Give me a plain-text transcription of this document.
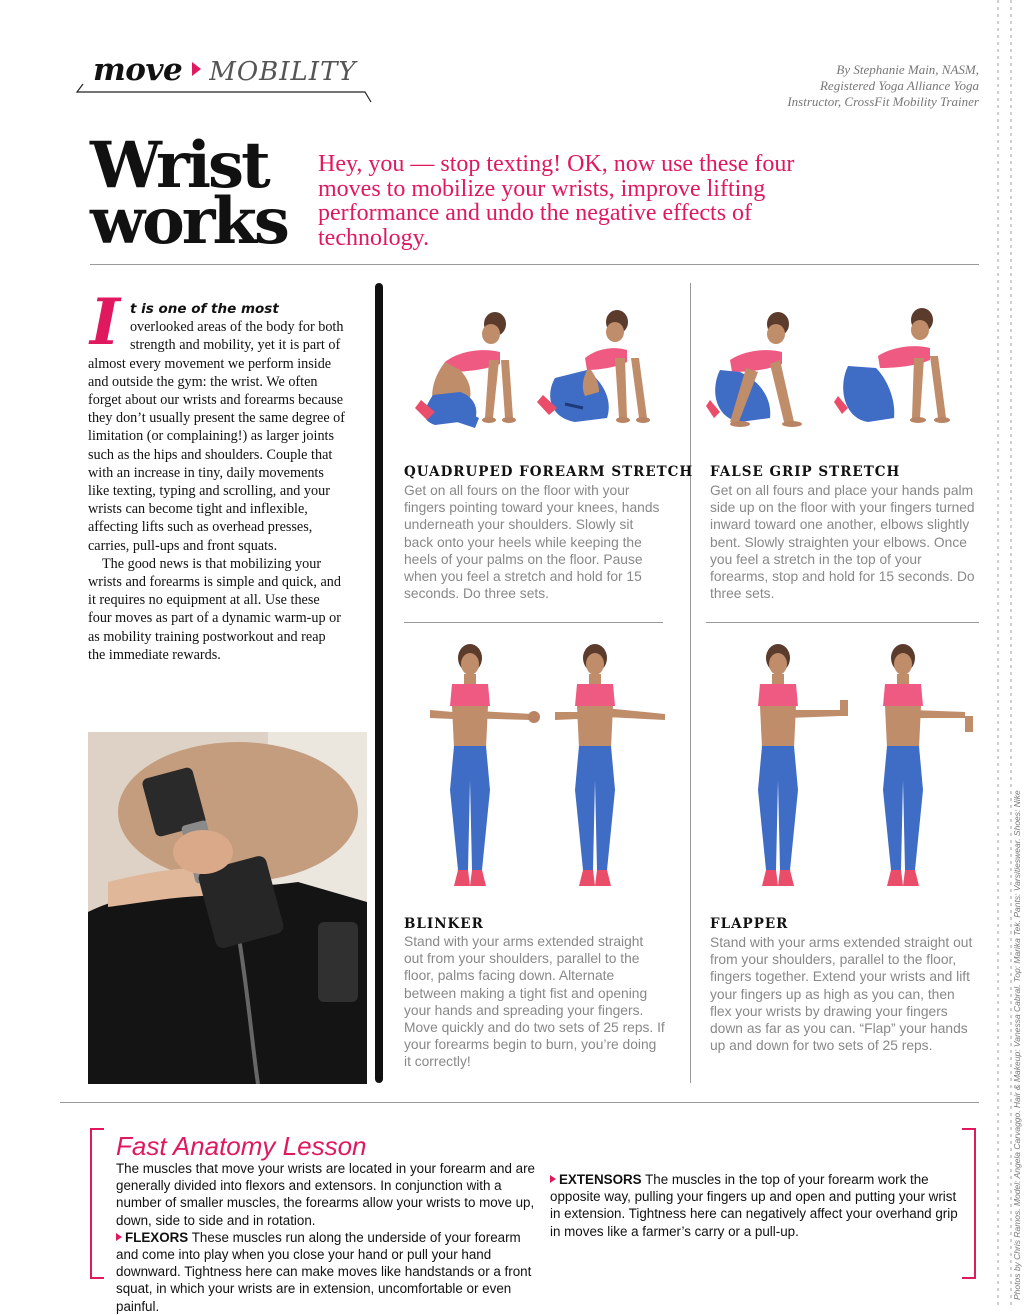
move MOBILITY	By Stephanie Main, NASM,
Registered Yoga Alliance Yoga
Instructor, CrossFit Mobility Trainer
Wrist
works
Hey, you — stop texting! OK, now use these four moves to mobilize your wrists, improve lifting performance and undo the negative effects of technology.

It is one of the most overlooked areas of the body for both strength and mobility, yet it is part of almost every movement we perform inside and outside the gym: the wrist. We often forget about our wrists and forearms because they don’t usually present the same degree of limitation (or complaining!) as larger joints such as the hips and shoulders. Couple that with an increase in tiny, daily movements like texting, typing and scrolling, and your wrists can become tight and inflexible, affecting lifts such as overhead presses, carries, pull-ups and front squats.

The good news is that mobilizing your wrists and forearms is simple and quick, and it requires no equipment at all. Use these four moves as part of a dynamic warm-up or as mobility training postworkout and reap the immediate rewards.

QUADRUPED FOREARM STRETCH
Get on all fours on the floor with your fingers pointing toward your knees, hands underneath your shoulders. Slowly sit back onto your heels while keeping the heels of your palms on the floor. Pause when you feel a stretch and hold for 15 seconds. Do three sets.
FALSE GRIP STRETCH
Get on all fours and place your hands palm side up on the floor with your fingers turned inward toward one another, elbows slightly bent. Slowly straighten your elbows. Once you feel a stretch in the top of your forearms, stop and hold for 15 seconds. Do three sets.
BLINKER
Stand with your arms extended straight out from your shoulders, parallel to the floor, palms facing down. Alternate between making a tight fist and opening your hands and spreading your fingers. Move quickly and do two sets of 25 reps. If your forearms begin to burn, you’re doing it correctly!
FLAPPER
Stand with your arms extended straight out from your shoulders, parallel to the floor, fingers together. Extend your wrists and lift your fingers up as high as you can, then flex your wrists by drawing your fingers down as far as you can. “Flap” your hands up and down for two sets of 25 reps.
Fast Anatomy Lesson
The muscles that move your wrists are located in your forearm and are generally divided into flexors and extensors. In conjunction with a number of smaller muscles, the forearms allow your wrists to move up, down, side to side and in rotation.
FLEXORS These muscles run along the underside of your forearm and come into play when you close your hand or pull your hand downward. Tightness here can make moves like handstands or a front squat, in which your wrists are in extension, uncomfortable or even painful.
EXTENSORS The muscles in the top of your forearm work the opposite way, pulling your fingers up and open and putting your wrist in extension. Tightness here can negatively affect your overhand grip in moves like a farmer’s carry or a pull-up.	Photos by Chris Ramos. Model: Angela Carvaggo. Hair & Makeup: Vanessa Cabral. Top: Marika Tek. Pants: Varsitieswear. Shoes: Nike
